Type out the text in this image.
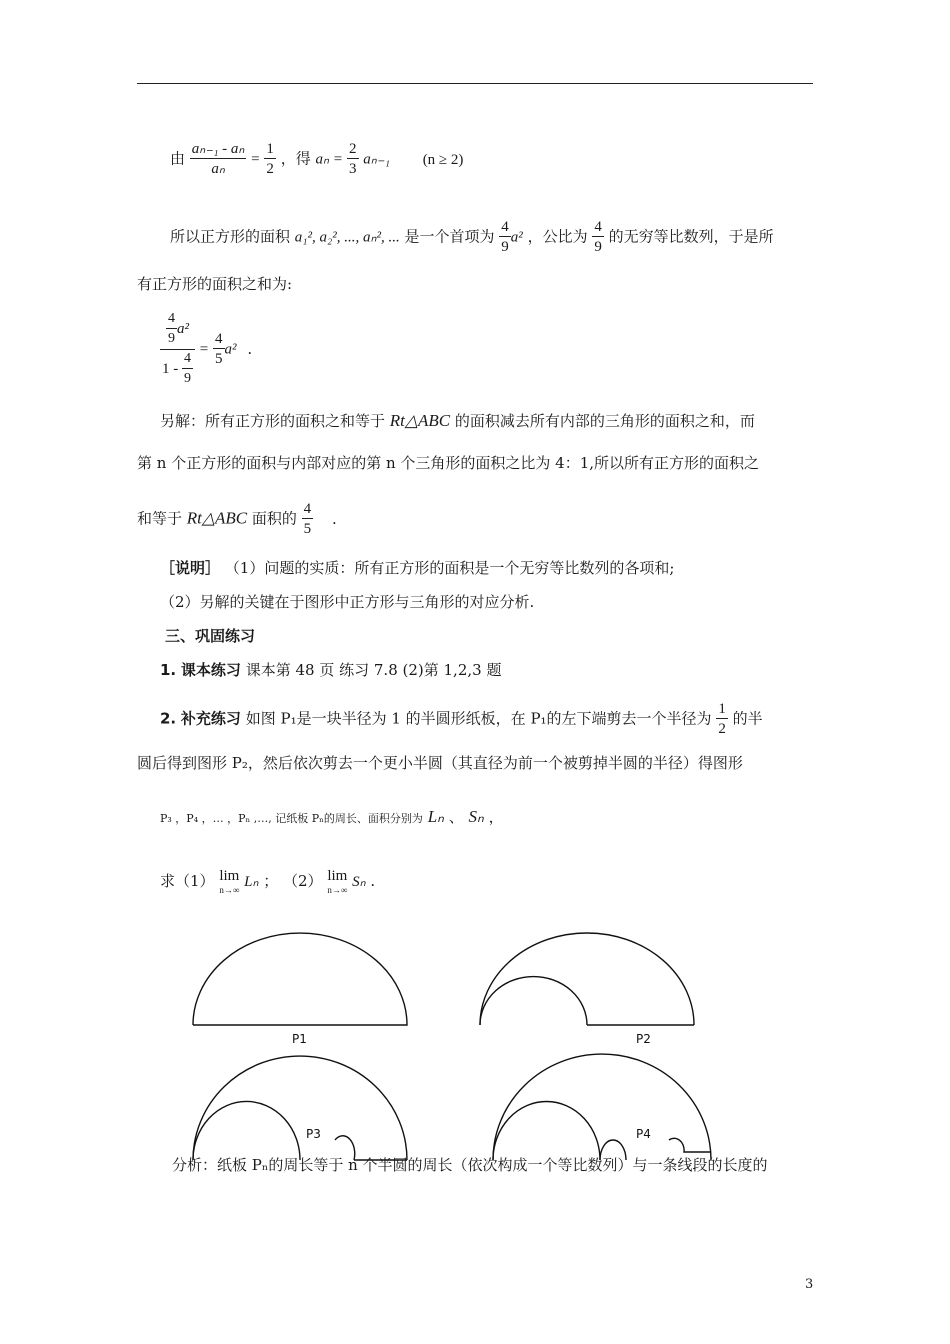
由 $\frac{\text{aₙ₋₁ - aₙ}}{\text{aₙ}} = \frac{1}{2}$ ，得 $a_n = \frac{2}{3} a_{n-1}$ (n ≥ 2)
所以正方形的面积 a₁², a₂², ..., aₙ², ... 是一个首项为 $\frac{4}{9} a^2$ ，公比为 $\frac{4}{9}$ 的无穷等比数列，于是所
有正方形的面积之和为:
$\frac{\frac{4}{9} a^2}{1 - \frac{4}{9}} = \frac{4}{5} a^2$ .
另解：所有正方形的面积之和等于 Rt△ABC 的面积减去所有内部的三角形的面积之和，而
第 n 个正方形的面积与内部对应的第 n 个三角形的面积之比为 4：1,所以所有正方形的面积之
和等于 Rt△ABC 面积的 $\frac{4}{5}$ .
［说明］ （1）问题的实质：所有正方形的面积是一个无穷等比数列的各项和;
（2）另解的关键在于图形中正方形与三角形的对应分析.
三、巩固练习
1. 课本练习 课本第 48 页 练习 7.8 (2)第 1,2,3 题
2. 补充练习 如图 P₁是一块半径为 1 的半圆形纸板，在 P₁的左下端剪去一个半径为 $\frac{1}{2}$ 的半
圆后得到图形 P₂，然后依次剪去一个更小半圆（其直径为前一个被剪掉半圆的半径）得图形
P₃ ，P₄ ，… ，Pₙ ,…, 记纸板 Pₙ的周长、面积分别为 Lₙ 、 Sₙ ，
求（1） lim
n→∞ Lₙ ； （2） lim
n→∞ Sₙ .
P1	P2
P3	P4
分析：纸板 Pₙ的周长等于 n 个半圆的周长（依次构成一个等比数列）与一条线段的长度的
3
